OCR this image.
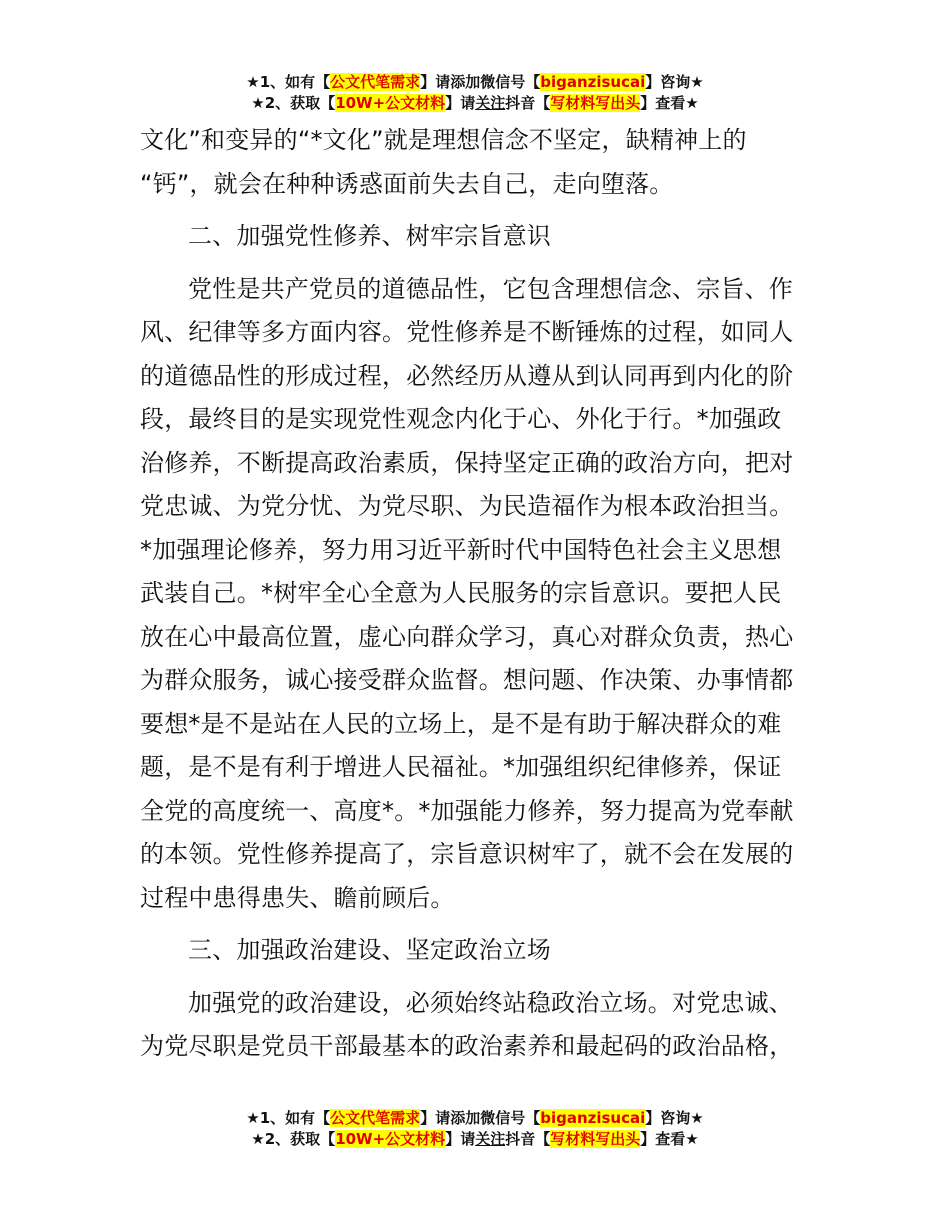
★1、如有【公文代笔需求】请添加微信号【biganzisucai】咨询★
★2、获取【10W+公文材料】请关注抖音【写材料写出头】查看★
文化”和变异的“*文化”就是理想信念不坚定，缺精神上的
“钙”，就会在种种诱惑面前失去自己，走向堕落。
二、加强党性修养、树牢宗旨意识
党性是共产党员的道德品性，它包含理想信念、宗旨、作
风、纪律等多方面内容。党性修养是不断锤炼的过程，如同人
的道德品性的形成过程，必然经历从遵从到认同再到内化的阶
段，最终目的是实现党性观念内化于心、外化于行。*加强政
治修养，不断提高政治素质，保持坚定正确的政治方向，把对
党忠诚、为党分忧、为党尽职、为民造福作为根本政治担当。
*加强理论修养，努力用习近平新时代中国特色社会主义思想
武装自己。*树牢全心全意为人民服务的宗旨意识。要把人民
放在心中最高位置，虚心向群众学习，真心对群众负责，热心
为群众服务，诚心接受群众监督。想问题、作决策、办事情都
要想*是不是站在人民的立场上，是不是有助于解决群众的难
题，是不是有利于增进人民福祉。*加强组织纪律修养，保证
全党的高度统一、高度*。*加强能力修养，努力提高为党奉献
的本领。党性修养提高了，宗旨意识树牢了，就不会在发展的
过程中患得患失、瞻前顾后。
三、加强政治建设、坚定政治立场
加强党的政治建设，必须始终站稳政治立场。对党忠诚、
为党尽职是党员干部最基本的政治素养和最起码的政治品格，
★1、如有【公文代笔需求】请添加微信号【biganzisucai】咨询★
★2、获取【10W+公文材料】请关注抖音【写材料写出头】查看★
